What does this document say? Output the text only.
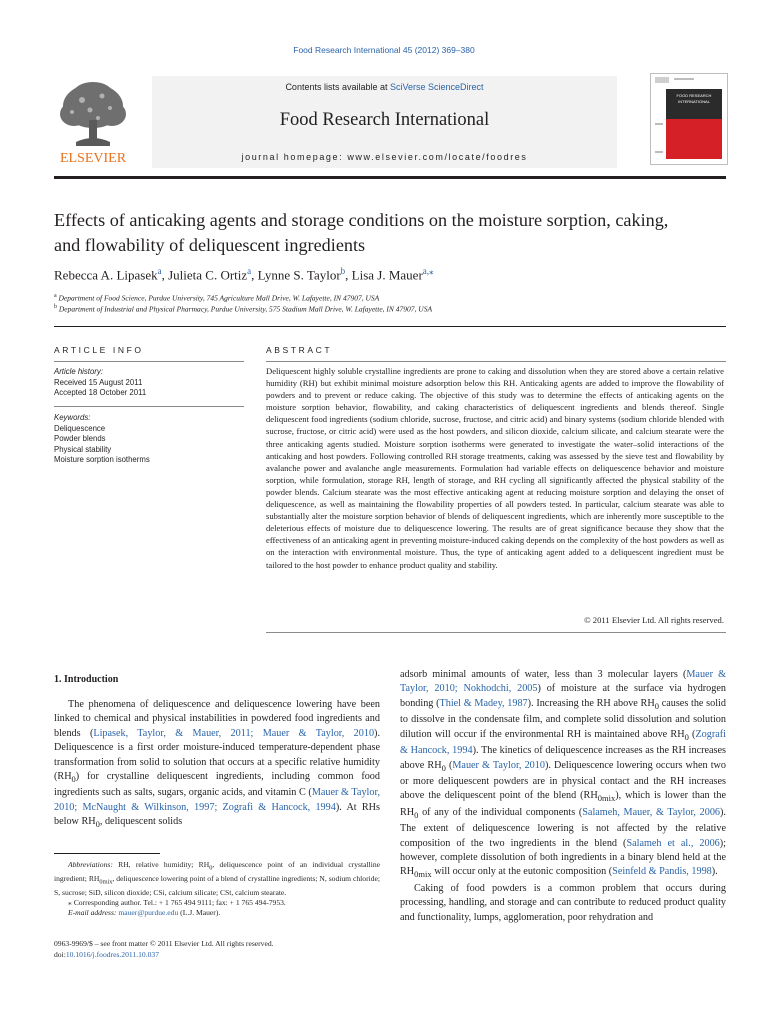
Food Research International 45 (2012) 369–380
Contents lists available at SciVerse ScienceDirect
Food Research International
journal homepage: www.elsevier.com/locate/foodres
ELSEVIER
FOOD RESEARCH
INTERNATIONAL
Effects of anticaking agents and storage conditions on the moisture sorption, caking,
and flowability of deliquescent ingredients
Rebecca A. Lipasek$^a$, Julieta C. Ortiz$^a$, Lynne S. Taylor$^b$, Lisa J. Mauer$^{a,⁎}$
$^a$ Department of Food Science, Purdue University, 745 Agriculture Mall Drive, W. Lafayette, IN 47907, USA
$^b$ Department of Industrial and Physical Pharmacy, Purdue University, 575 Stadium Mall Drive, W. Lafayette, IN 47907, USA
ARTICLE INFO
Article history:
Received 15 August 2011
Accepted 18 October 2011
Keywords:
Deliquescence
Powder blends
Physical stability
Moisture sorption isotherms
ABSTRACT
Deliquescent highly soluble crystalline ingredients are prone to caking and dissolution when they are stored above a certain relative humidity (RH) but exhibit minimal moisture adsorption below this RH. Anticaking agents are added to improve the flowability of powders and to prevent or reduce caking. The objective of this study was to determine the effects of anticaking agents on the moisture sorption behavior, flowability, and caking characteristics of deliquescent ingredients and blends thereof. Single deliquescent food ingredients (sodium chloride, sucrose, fructose, and citric acid) and binary systems (sodium chloride blended with sucrose, fructose, or citric acid) were used as the host powders, and silicon dioxide, calcium silicate, and calcium stearate were the three anticaking agents studied. Moisture sorption isotherms were generated to investigate the water–solid interactions of the anticaking and host powders. Following controlled RH storage treatments, caking was assessed by the sieve test and flowability by avalanche power and avalanche angle measurements. Formulation had variable effects on deliquescence behavior and moisture sorption, while formulation, storage RH, length of storage, and RH cycling all significantly affected the physical stability of the powder blends. Calcium stearate was the most effective anticaking agent at reducing moisture sorption and delaying the onset of deliquescence, as well as maintaining the flowability properties of all powders tested. In particular, calcium stearate was able to substantially alter the moisture sorption behavior of blends of deliquescent ingredients, which are inherently more susceptible to the deleterious effects of moisture due to deliquescence lowering. The results are of great significance because they show that the effectiveness of an anticaking agent in preventing moisture-induced caking depends on the complexity of the host powders as well as on the interaction with environmental moisture. Thus, the type of anticaking agent added to a deliquescent ingredient must be tailored to the host powder to enhance product quality and stability.
© 2011 Elsevier Ltd. All rights reserved.
1. Introduction

The phenomena of deliquescence and deliquescence lowering have been linked to chemical and physical instabilities in powdered food ingredients and blends (Lipasek, Taylor, & Mauer, 2011; Mauer & Taylor, 2010). Deliquescence is a first order moisture-induced temperature-dependent phase transformation from solid to solution that occurs at a specific relative humidity $(RH_0)$ for crystalline deliquescent ingredients, including common food ingredients such as salts, sugars, organic acids, and vitamin C (Mauer & Taylor, 2010; McNaught & Wilkinson, 1997; Zografi & Hancock, 1994). At RHs below $RH_0$, deliquescent solids

adsorb minimal amounts of water, less than 3 molecular layers (Mauer & Taylor, 2010; Nokhodchi, 2005) of moisture at the surface via hydrogen bonding (Thiel & Madey, 1987). Increasing the RH above $RH_0$ causes the solid to dissolve in the condensate film, and complete solid dissolution and solution dilution will occur if the environmental RH is maintained above $RH_0$ (Zografi & Hancock, 1994). The kinetics of deliquescence increases as the RH increases above $RH_0$ (Mauer & Taylor, 2010). Deliquescence lowering occurs when two or more deliquescent powders are in physical contact and the RH increases above the deliquescent point of the blend $(RH_{0mix})$, which is lower than the $RH_0$ of any of the individual components (Salameh, Mauer, & Taylor, 2006). The extent of deliquescence lowering is not affected by the relative composition of the two ingredients in the blend (Salameh et al., 2006); however, complete dissolution of both ingredients in a binary blend held at the $RH_{0mix}$ will occur only at the eutonic composition (Seinfeld & Pandis, 1998).

Caking of food powders is a common problem that occurs during processing, handling, and storage and can contribute to reduced product quality and functionality, lumps, agglomeration, poor rehydration and

Abbreviations: RH, relative humidity; $RH_0$, deliquescence point of an individual crystalline ingredient; $RH_{0mix}$, deliquescence lowering point of a blend of crystalline ingredients; N, sodium chloride; S, sucrose; SiD, silicon dioxide; CSi, calcium silicate; CSt, calcium stearate.
⁎ Corresponding author. Tel.: + 1 765 494 9111; fax: + 1 765 494-7953.
E-mail address: mauer@purdue.edu (L.J. Mauer).
0963-9969/$ – see front matter © 2011 Elsevier Ltd. All rights reserved.
doi:10.1016/j.foodres.2011.10.037
